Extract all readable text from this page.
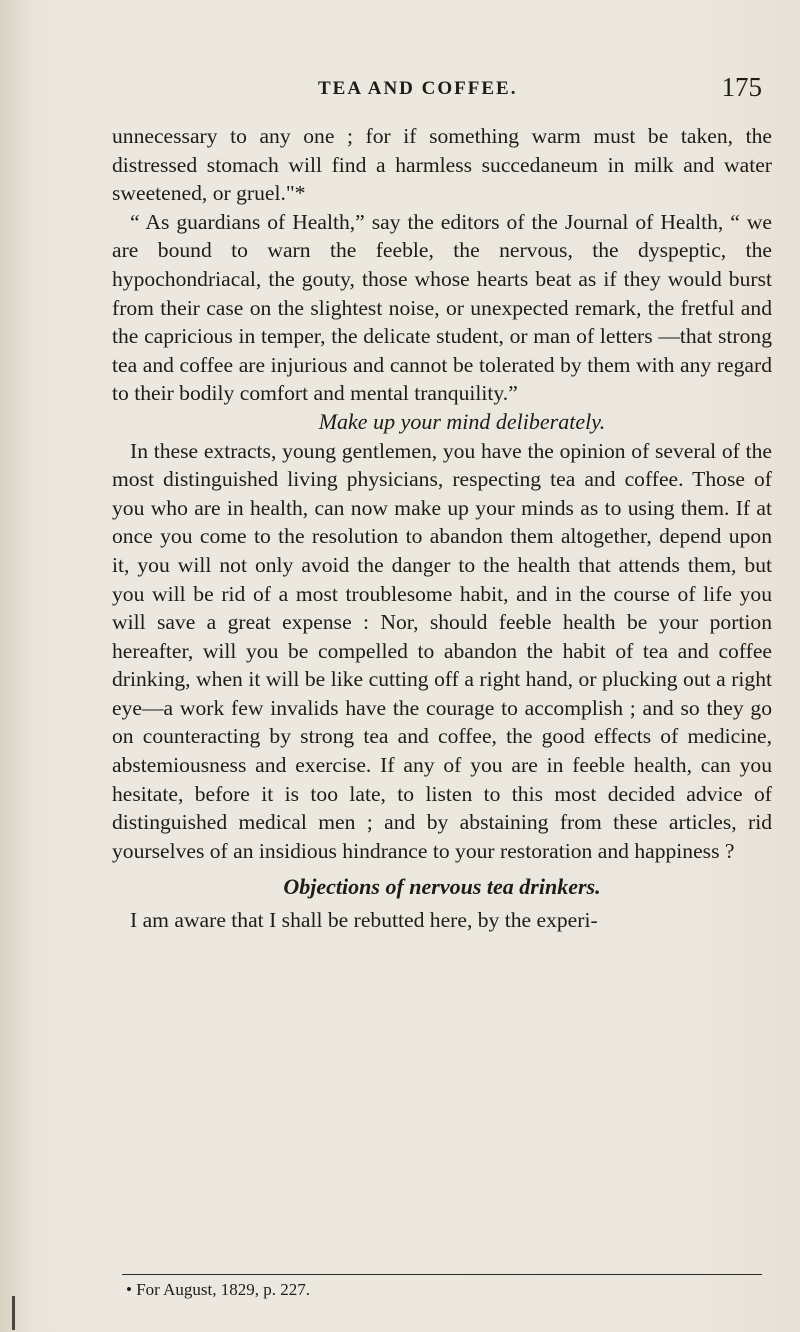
TEA AND COFFEE.	175

unnecessary to any one ; for if something warm must be taken, the distressed stomach will find a harmless succedaneum in milk and water sweetened, or gruel."*

“ As guardians of Health,” say the editors of the Journal of Health, “ we are bound to warn the feeble, the nervous, the dyspeptic, the hypochondriacal, the gouty, those whose hearts beat as if they would burst from their case on the slightest noise, or unexpected remark, the fretful and the capricious in temper, the delicate student, or man of letters —that strong tea and coffee are injurious and cannot be tolerated by them with any regard to their bodily comfort and mental tranquility.”

Make up your mind deliberately.

In these extracts, young gentlemen, you have the opinion of several of the most distinguished living physicians, respecting tea and coffee. Those of you who are in health, can now make up your minds as to using them. If at once you come to the resolution to abandon them altogether, depend upon it, you will not only avoid the danger to the health that attends them, but you will be rid of a most troublesome habit, and in the course of life you will save a great expense : Nor, should feeble health be your portion hereafter, will you be compelled to abandon the habit of tea and coffee drinking, when it will be like cutting off a right hand, or plucking out a right eye—a work few invalids have the courage to accomplish ; and so they go on counteracting by strong tea and coffee, the good effects of medicine, abstemiousness and exercise. If any of you are in feeble health, can you hesitate, before it is too late, to listen to this most decided advice of distinguished medical men ; and by abstaining from these articles, rid yourselves of an insidious hindrance to your restoration and happiness ?

Objections of nervous tea drinkers.

I am aware that I shall be rebutted here, by the experi-

• For August, 1829, p. 227.
